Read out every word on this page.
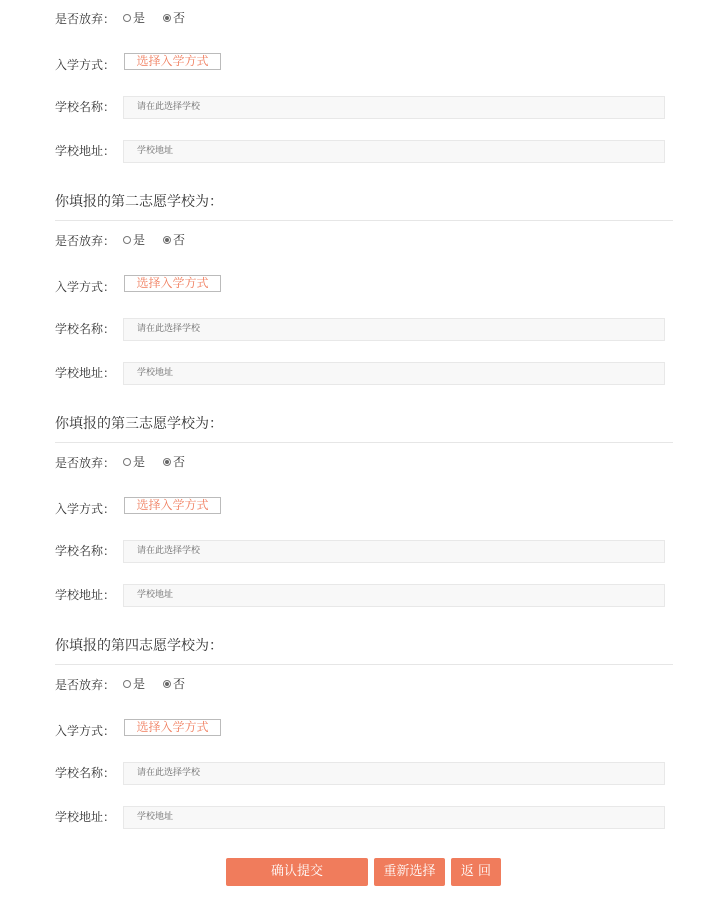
是否放弃： 是 否
入学方式：	选择入学方式
学校名称：	请在此选择学校
学校地址：	学校地址
你填报的第二志愿学校为：
是否放弃： 是 否
入学方式：	选择入学方式
学校名称：	请在此选择学校
学校地址：	学校地址
你填报的第三志愿学校为：
是否放弃： 是 否
入学方式：	选择入学方式
学校名称：	请在此选择学校
学校地址：	学校地址
你填报的第四志愿学校为：
是否放弃： 是 否
入学方式：	选择入学方式
学校名称：	请在此选择学校
学校地址：	学校地址
确认提交	重新选择	返 回
